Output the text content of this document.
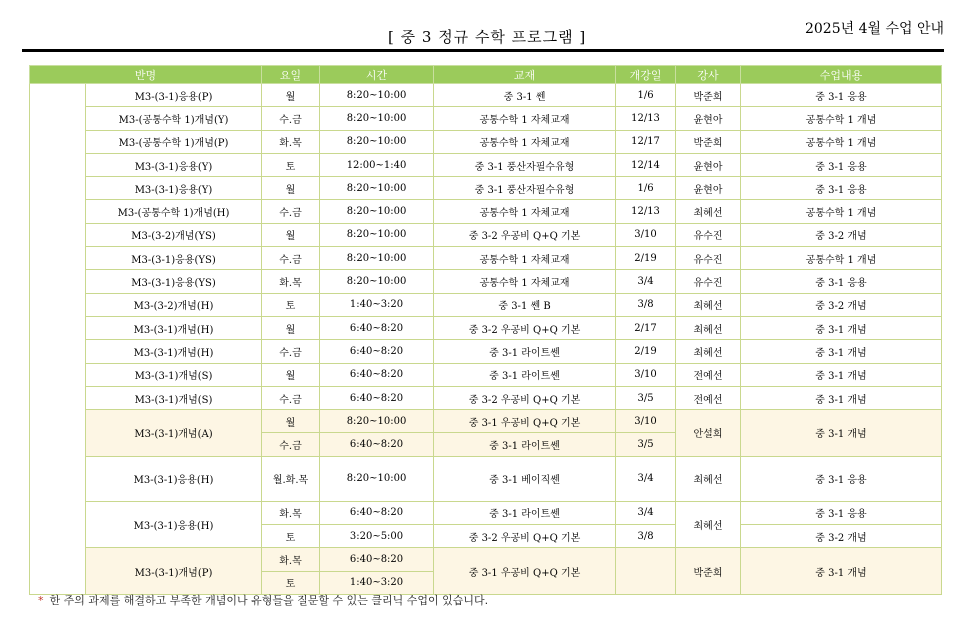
[ 중 3 정규 수학 프로그램 ]	2025년 4월 수업 안내
반명		요일	시간	교재	개강일	강사	수업내용
	M3-(3-1)응용(P)	월	8:20~10:00	중 3-1 쎈	1/6	박준희	중 3-1 응용
	M3-(공통수학 1)개념(Y)	수.금	8:20~10:00	공통수학 1 자체교재	12/13	윤현아	공통수학 1 개념
	M3-(공통수학 1)개념(P)	화.목	8:20~10:00	공통수학 1 자체교재	12/17	박준희	공통수학 1 개념
	M3-(3-1)응용(Y)	토	12:00~1:40	중 3-1 풍산자필수유형	12/14	윤현아	중 3-1 응용
	M3-(3-1)응용(Y)	월	8:20~10:00	중 3-1 풍산자필수유형	1/6	윤현아	중 3-1 응용
	M3-(공통수학 1)개념(H)	수.금	8:20~10:00	공통수학 1 자체교재	12/13	최혜선	공통수학 1 개념
	M3-(3-2)개념(YS)	월	8:20~10:00	중 3-2 우공비 Q+Q 기본	3/10	유수진	중 3-2 개념
	M3-(3-1)응용(YS)	수.금	8:20~10:00	공통수학 1 자체교재	2/19	유수진	공통수학 1 개념
	M3-(3-1)응용(YS)	화.목	8:20~10:00	공통수학 1 자체교재	3/4	유수진	중 3-1 응용
	M3-(3-2)개념(H)	토	1:40~3:20	중 3-1 쎈 B	3/8	최혜선	중 3-2 개념
	M3-(3-1)개념(H)	월	6:40~8:20	중 3-2 우공비 Q+Q 기본	2/17	최혜선	중 3-1 개념
	M3-(3-1)개념(H)	수.금	6:40~8:20	중 3-1 라이트쎈	2/19	최혜선	중 3-1 개념
	M3-(3-1)개념(S)	월	6:40~8:20	중 3-1 라이트쎈	3/10	전예선	중 3-1 개념
	M3-(3-1)개념(S)	수.금	6:40~8:20	중 3-2 우공비 Q+Q 기본	3/5	전예선	중 3-1 개념
	M3-(3-1)개념(A)	월	8:20~10:00	중 3-1 우공비 Q+Q 기본	3/10	안설희	중 3-1 개념
		수.금	6:40~8:20	중 3-1 라이트쎈	3/5		
	M3-(3-1)응용(H)	월.화.목	8:20~10:00	중 3-1 베이직쎈	3/4	최혜선	중 3-1 응용
	M3-(3-1)응용(H)	화.목	6:40~8:20	중 3-1 라이트쎈	3/4	최혜선	중 3-1 응용
		토	3:20~5:00	중 3-2 우공비 Q+Q 기본	3/8		중 3-2 개념
	M3-(3-1)개념(P)	화.목	6:40~8:20	중 3-1 우공비 Q+Q 기본		박준희	중 3-1 개념
		토	1:40~3:20				
* 한 주의 과제를 해결하고 부족한 개념이나 유형들을 질문할 수 있는 클리닉 수업이 있습니다.
